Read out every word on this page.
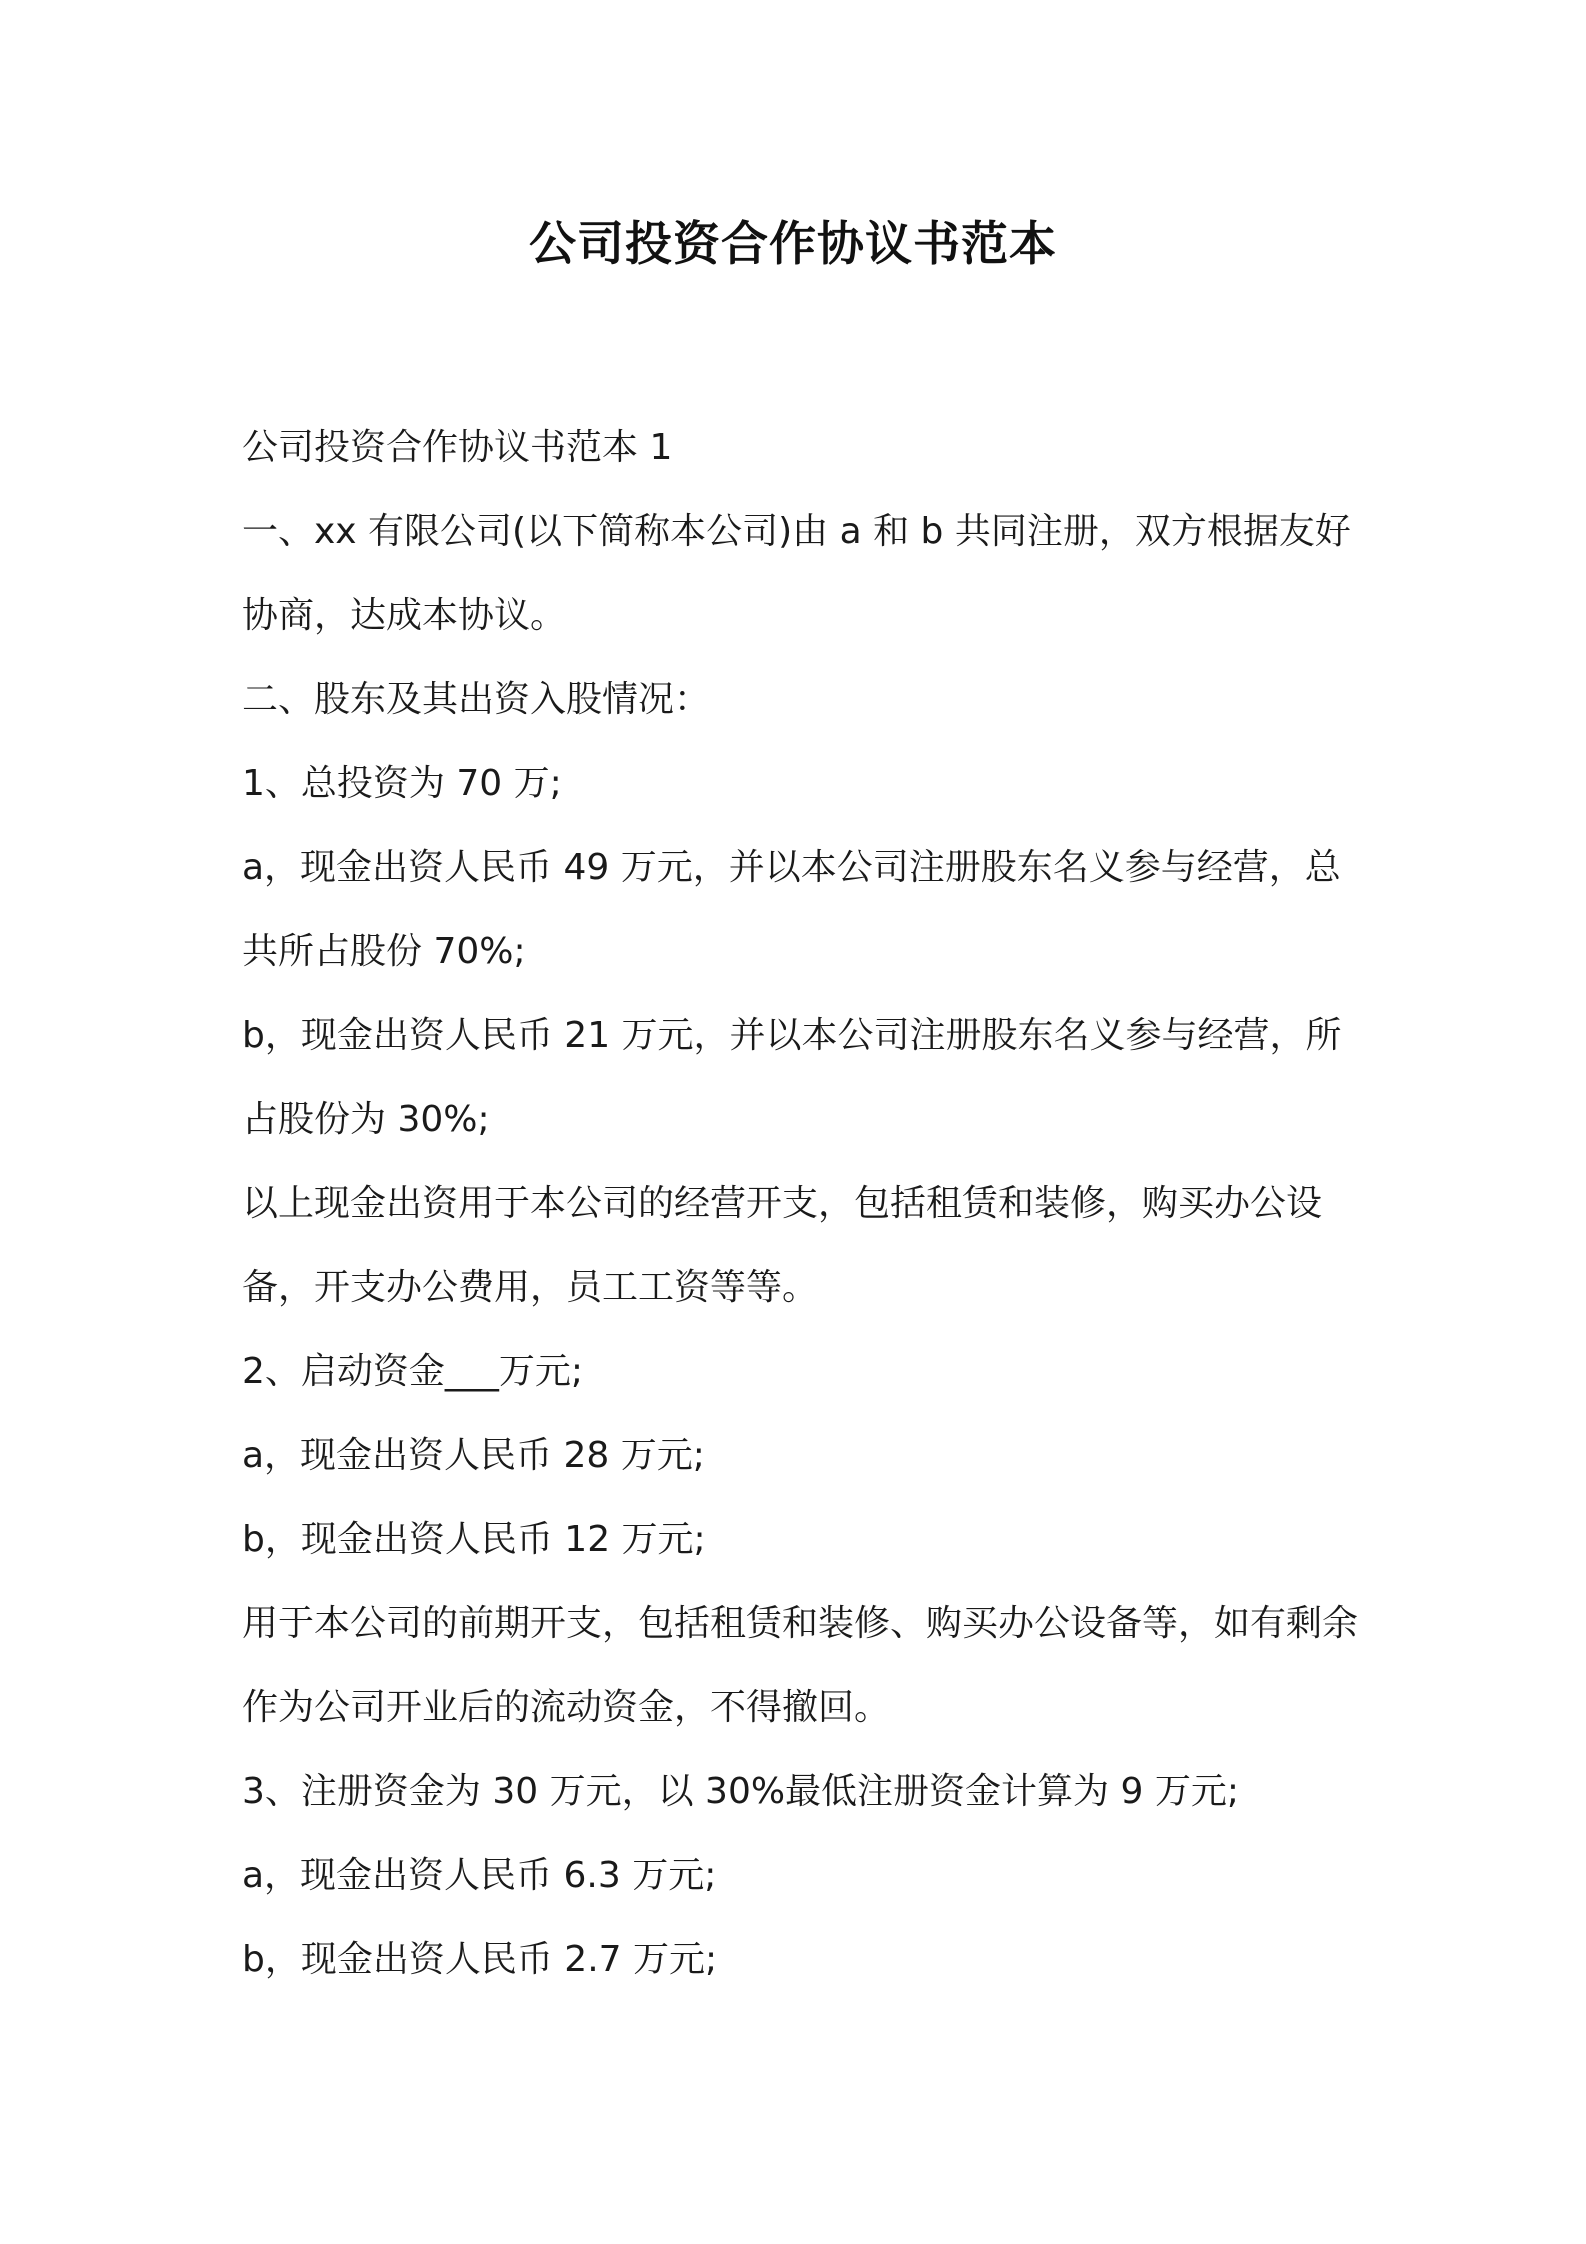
公司投资合作协议书范本

公司投资合作协议书范本 1

一、xx 有限公司(以下简称本公司)由 a 和 b 共同注册，双方根据友好协商，达成本协议。

二、股东及其出资入股情况：

1、总投资为 70 万;

a，现金出资人民币 49 万元，并以本公司注册股东名义参与经营，总共所占股份 70%;

b，现金出资人民币 21 万元，并以本公司注册股东名义参与经营，所占股份为 30%;

以上现金出资用于本公司的经营开支，包括租赁和装修，购买办公设备，开支办公费用，员工工资等等。

2、启动资金___万元;

a，现金出资人民币 28 万元;

b，现金出资人民币 12 万元;

用于本公司的前期开支，包括租赁和装修、购买办公设备等，如有剩余作为公司开业后的流动资金，不得撤回。

3、注册资金为 30 万元，以 30%最低注册资金计算为 9 万元;

a，现金出资人民币 6.3 万元;

b，现金出资人民币 2.7 万元;
